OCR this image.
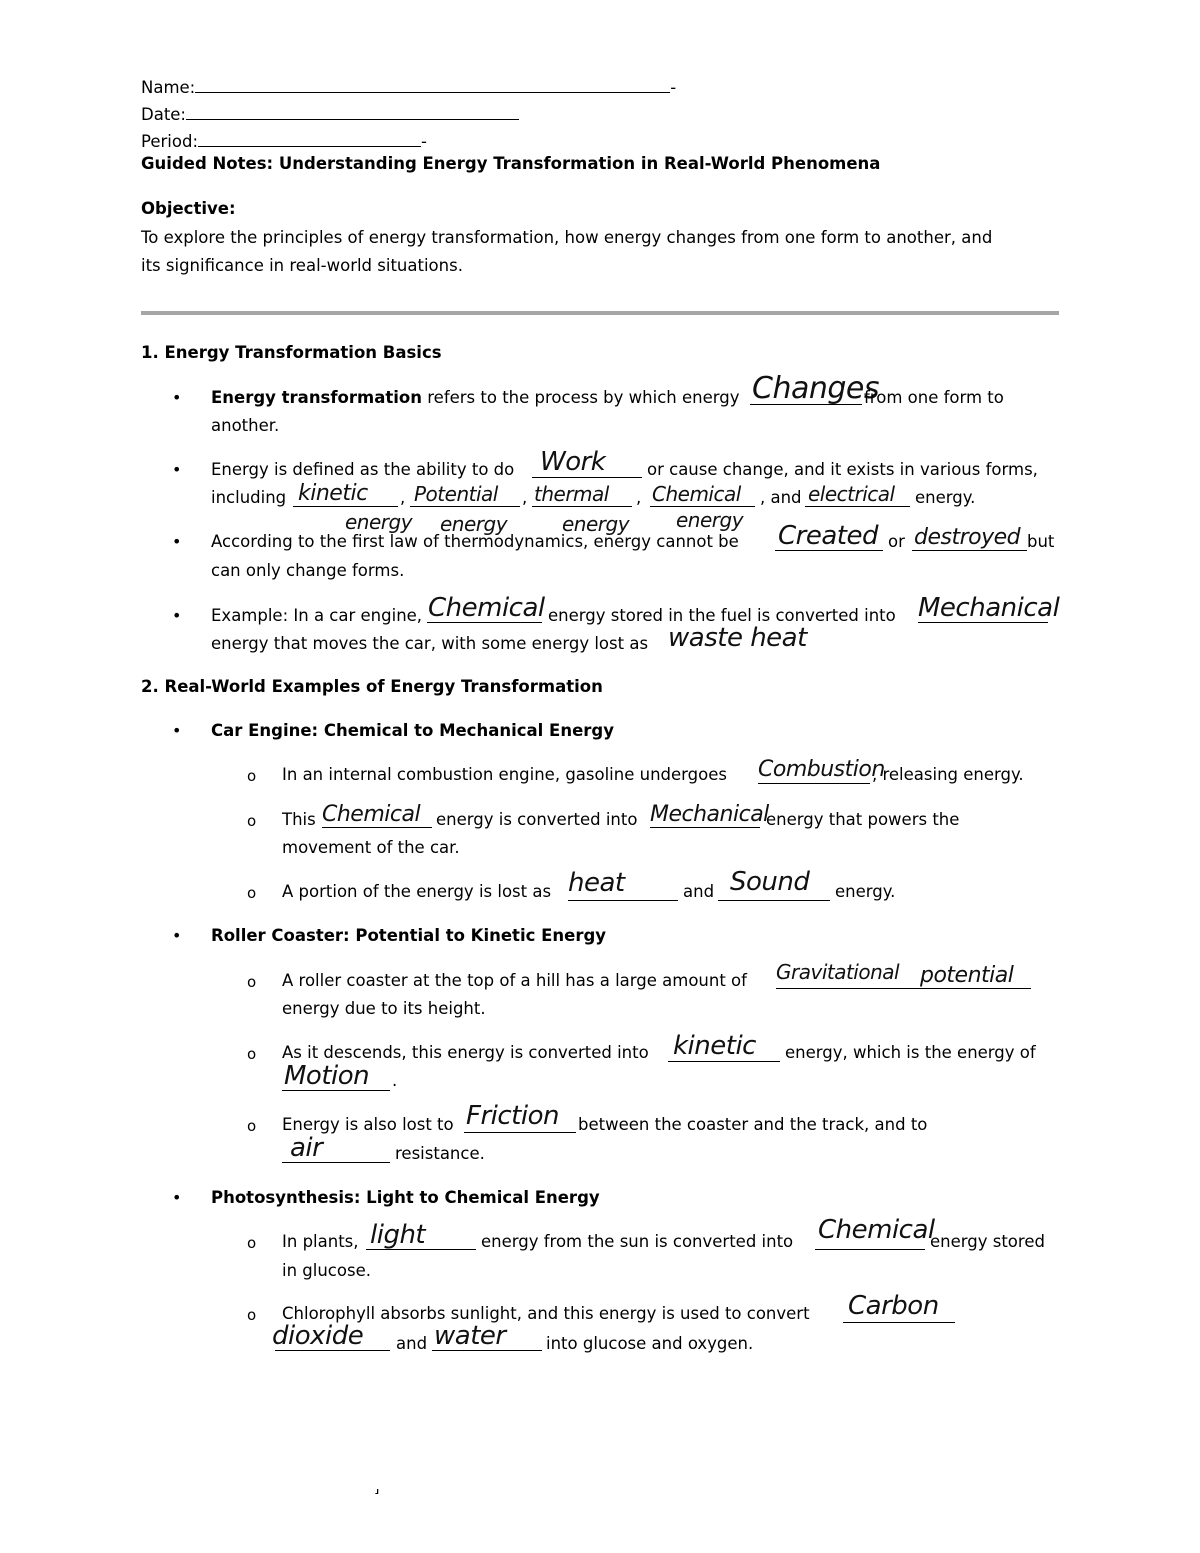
Name:	-
Date:
Period:	-
Guided Notes: Understanding Energy Transformation in Real-World Phenomena
Objective:
To explore the principles of energy transformation, how energy changes from one form to another, and
its significance in real-world situations.
1. Energy Transformation Basics
• Energy transformation refers to the process by which energy Changes
from one form to
another.
• Energy is defined as the ability to do Work	or cause change, and it exists in various forms,
including kinetic , Potential , thermal , Chemical , and electrical energy.
energy energy	energy energy
• According to the first law of thermodynamics, energy cannot be Created or destroyed but
can only change forms.
• Example: In a car engine, Chemical energy stored in the fuel is converted into Mechanical
energy that moves the car, with some energy lost as waste heat
2. Real-World Examples of Energy Transformation
• Car Engine: Chemical to Mechanical Energy
o In an internal combustion engine, gasoline undergoes Combustion
, releasing energy.
o This Chemical energy is converted into Mechanical
energy that powers the
movement of the car.
o A portion of the energy is lost as heat	and Sound energy.
• Roller Coaster: Potential to Kinetic Energy
o A roller coaster at the top of a hill has a large amount of Gravitational potential
energy due to its height.
o As it descends, this energy is converted into kinetic energy, which is the energy of
Motion .
o Energy is also lost to Friction between the coaster and the track, and to
air	resistance.
• Photosynthesis: Light to Chemical Energy
o In plants, light	energy from the sun is converted into Chemical
energy stored
in glucose.
o Chlorophyll absorbs sunlight, and this energy is used to convert Carbon
dioxide and water into glucose and oxygen.
⸥
